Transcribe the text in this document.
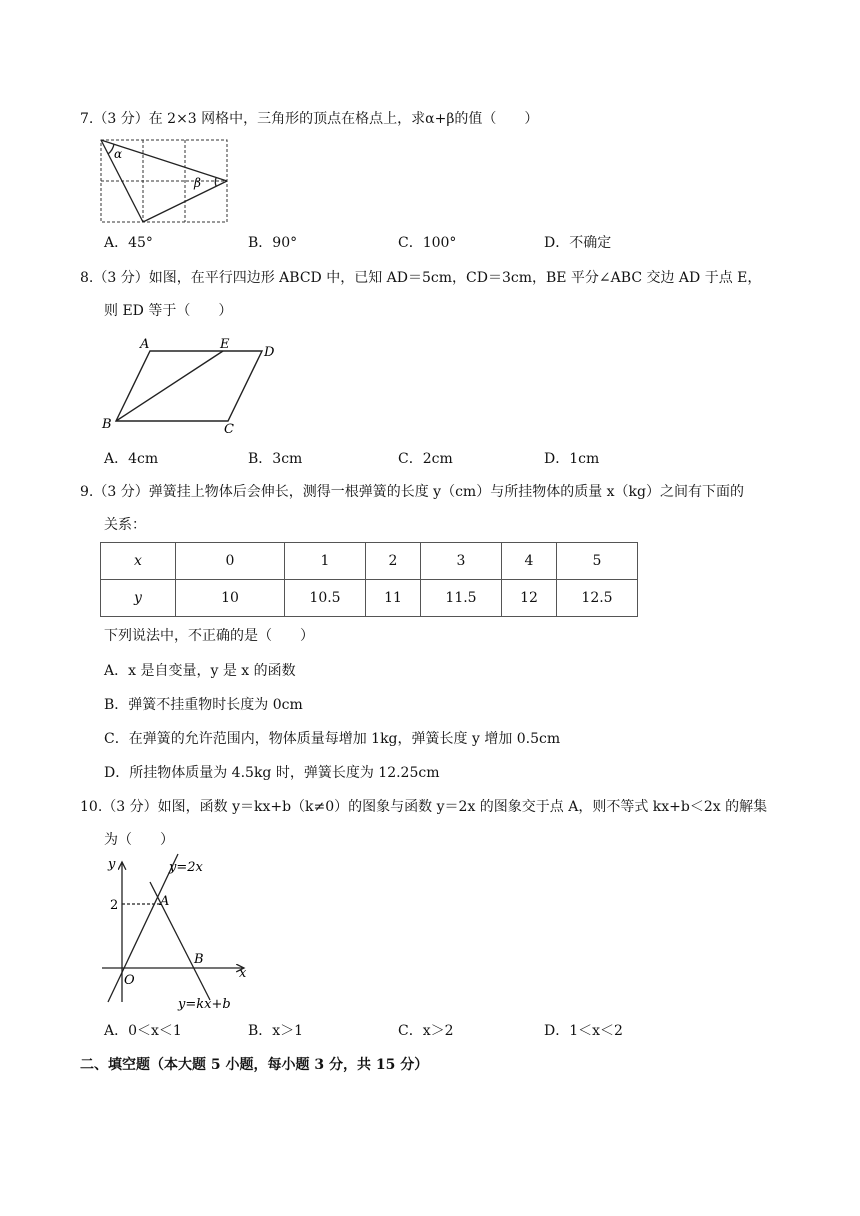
7.（3 分）在 2×3 网格中，三角形的顶点在格点上，求α+β的值（　　）
α
β
A．45°	B．90°	C．100°	D．不确定
8.（3 分）如图，在平行四边形 ABCD 中，已知 AD＝5cm，CD＝3cm，BE 平分∠ABC 交边 AD 于点 E，
则 ED 等于（　　）
A	E
D
B	C
A．4cm	B．3cm	C．2cm	D．1cm
9.（3 分）弹簧挂上物体后会伸长，测得一根弹簧的长度 y（cm）与所挂物体的质量 x（kg）之间有下面的
关系：
x	0	1	2	3	4	5
y	10	10.5	11	11.5	12	12.5
下列说法中，不正确的是（　　）
A．x 是自变量，y 是 x 的函数
B．弹簧不挂重物时长度为 0cm
C．在弹簧的允许范围内，物体质量每增加 1kg，弹簧长度 y 增加 0.5cm
D．所挂物体质量为 4.5kg 时，弹簧长度为 12.25cm
10.（3 分）如图，函数 y＝kx+b（k≠0）的图象与函数 y＝2x 的图象交于点 A，则不等式 kx+b＜2x 的解集
为（　　）
y
x
O
2	A
B
y=2x
y=kx+b
A．0＜x＜1	B．x＞1	C．x＞2	D．1＜x＜2
二、填空题（本大题 5 小题，每小题 3 分，共 15 分）
